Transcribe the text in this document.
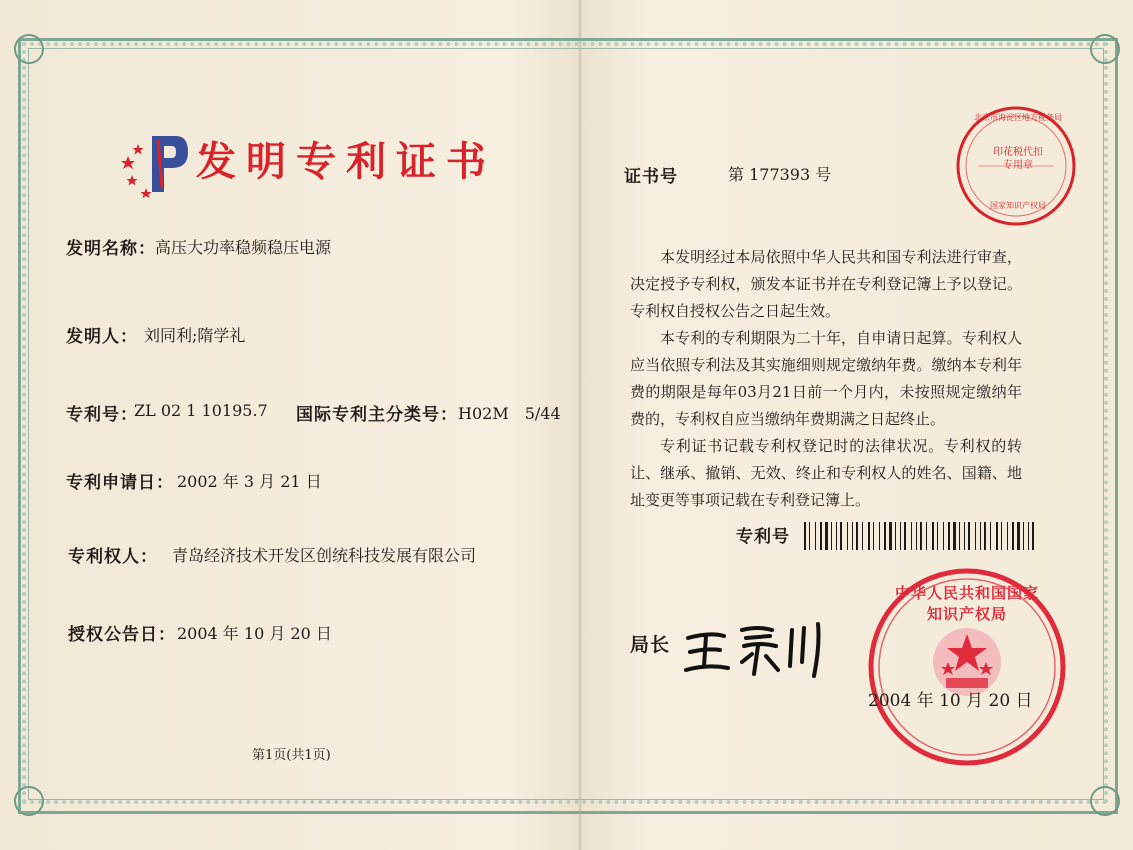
发明专利证书
发明名称： 高压大功率稳频稳压电源
发明人： 刘同利;隋学礼
专利号：
ZL 02 1 10195.7 国际专利主分类号： H02M　5/44
专利申请日： 2002 年 3 月 21 日
专利权人： 青岛经济技术开发区创统科技发展有限公司
授权公告日： 2004 年 10 月 20 日
第1页(共1页)
证书号	第 177393 号
北京市海淀区地方税务局
印花税代扣专用章
国家知识产权局

本发明经过本局依照中华人民共和国专利法进行审查，决定授予专利权，颁发本证书并在专利登记簿上予以登记。专利权自授权公告之日起生效。

本专利的专利期限为二十年，自申请日起算。专利权人应当依照专利法及其实施细则规定缴纳年费。缴纳本专利年费的期限是每年03月21日前一个月内，未按照规定缴纳年费的，专利权自应当缴纳年费期满之日起终止。

专利证书记载专利权登记时的法律状况。专利权的转让、继承、撤销、无效、终止和专利权人的姓名、国籍、地址变更等事项记载在专利登记簿上。

专利号
局长
中华人民共和国国家知识产权局
2004 年 10 月 20 日
